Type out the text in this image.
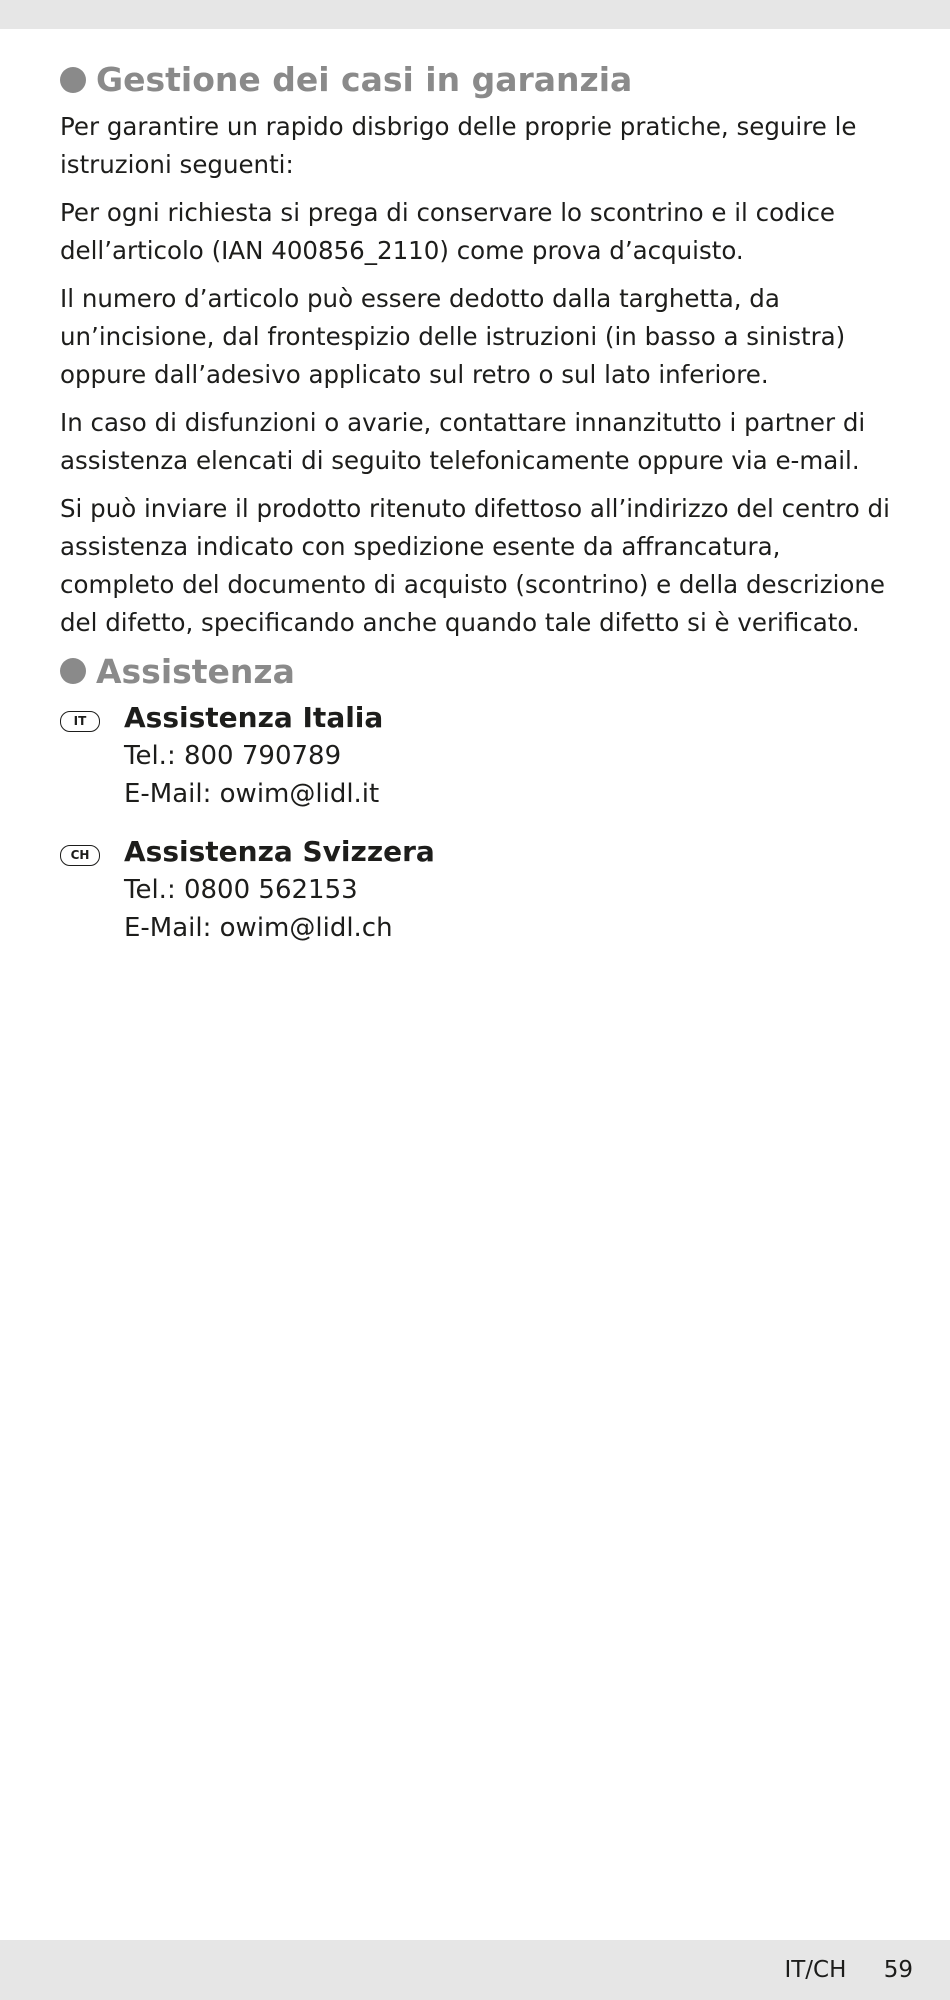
Gestione dei casi in garanzia

Per garantire un rapido disbrigo delle proprie pratiche, seguire le istruzioni seguenti:

Per ogni richiesta si prega di conservare lo scontrino e il codice dell’articolo (IAN 400856_2110) come prova d’acquisto.

Il numero d’articolo può essere dedotto dalla targhetta, da un’incisione, dal frontespizio delle istruzioni (in basso a sinistra) oppure dall’adesivo applicato sul retro o sul lato inferiore.

In caso di disfunzioni o avarie, contattare innanzitutto i partner di assistenza elencati di seguito telefonicamente oppure via e-mail.

Si può inviare il prodotto ritenuto difettoso all’indirizzo del centro di assistenza indicato con spedizione esente da affrancatura, completo del documento di acquisto (scontrino) e della descrizione del difetto, specificando anche quando tale difetto si è verificato.

Assistenza
IT	Assistenza Italia
Tel.: 800 790789
E-Mail: owim@lidl.it
CH	Assistenza Svizzera
Tel.: 0800 562153
E-Mail: owim@lidl.ch
IT/CH 59
